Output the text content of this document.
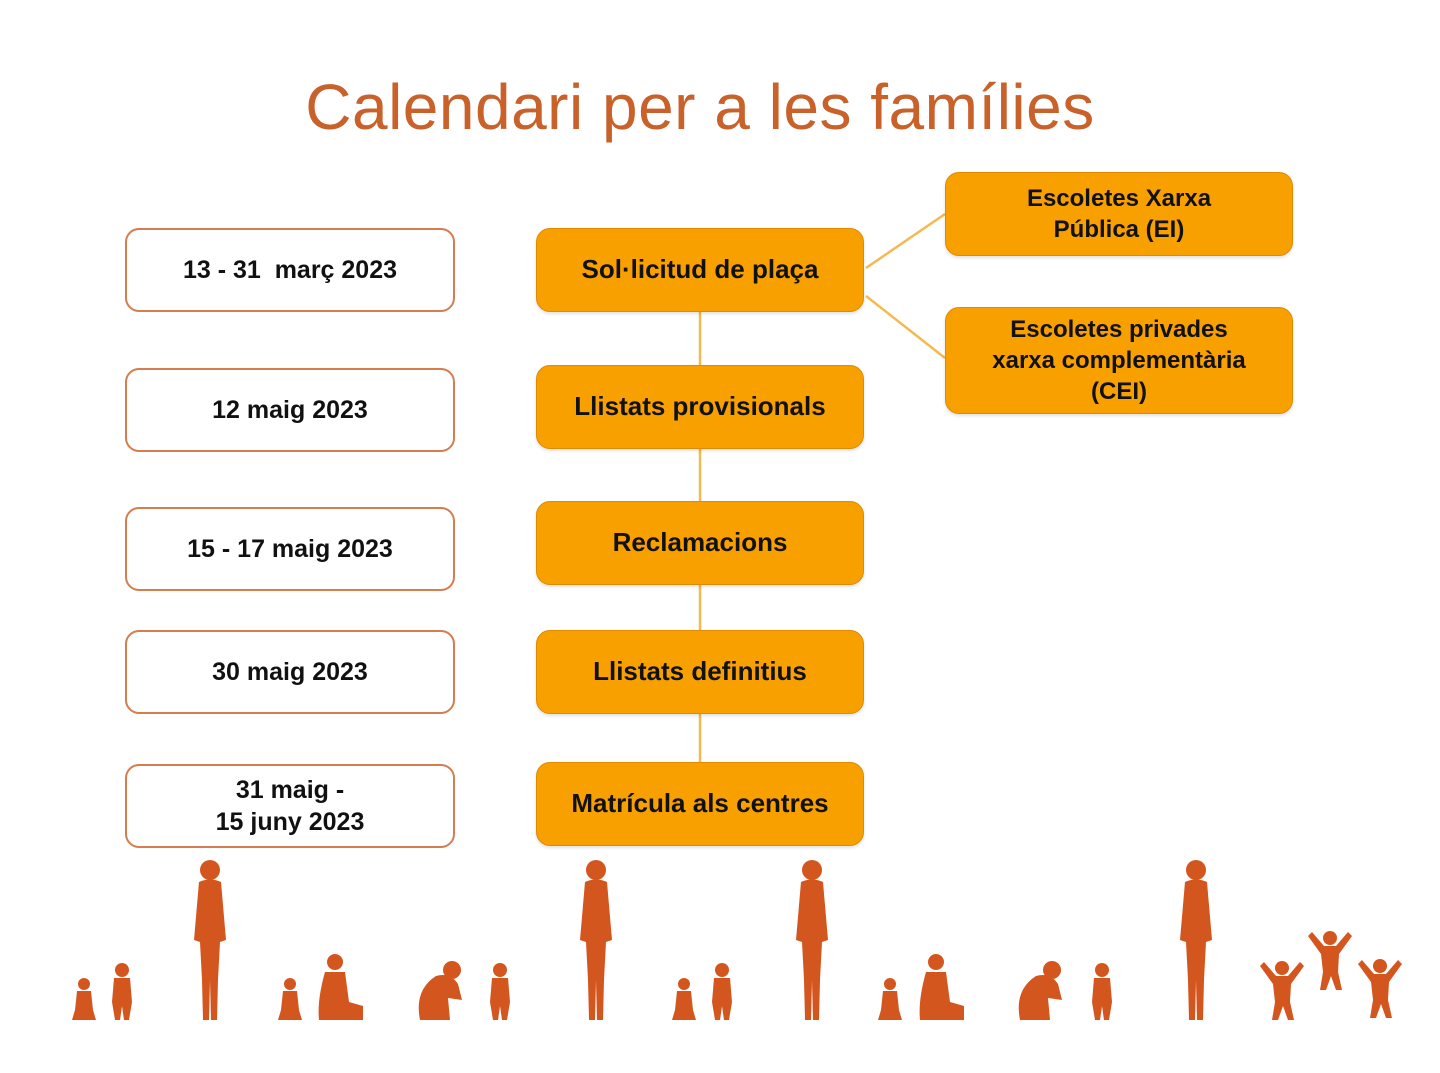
Calendari per a les famílies
13 - 31  març 2023
12 maig 2023
15 - 17 maig 2023
30 maig 2023
31 maig -
15 juny 2023
Sol·licitud de plaça
Llistats provisionals
Reclamacions
Llistats definitius
Matrícula als centres
Escoletes Xarxa
Pública (EI)
Escoletes privades
xarxa complementària
(CEI)
